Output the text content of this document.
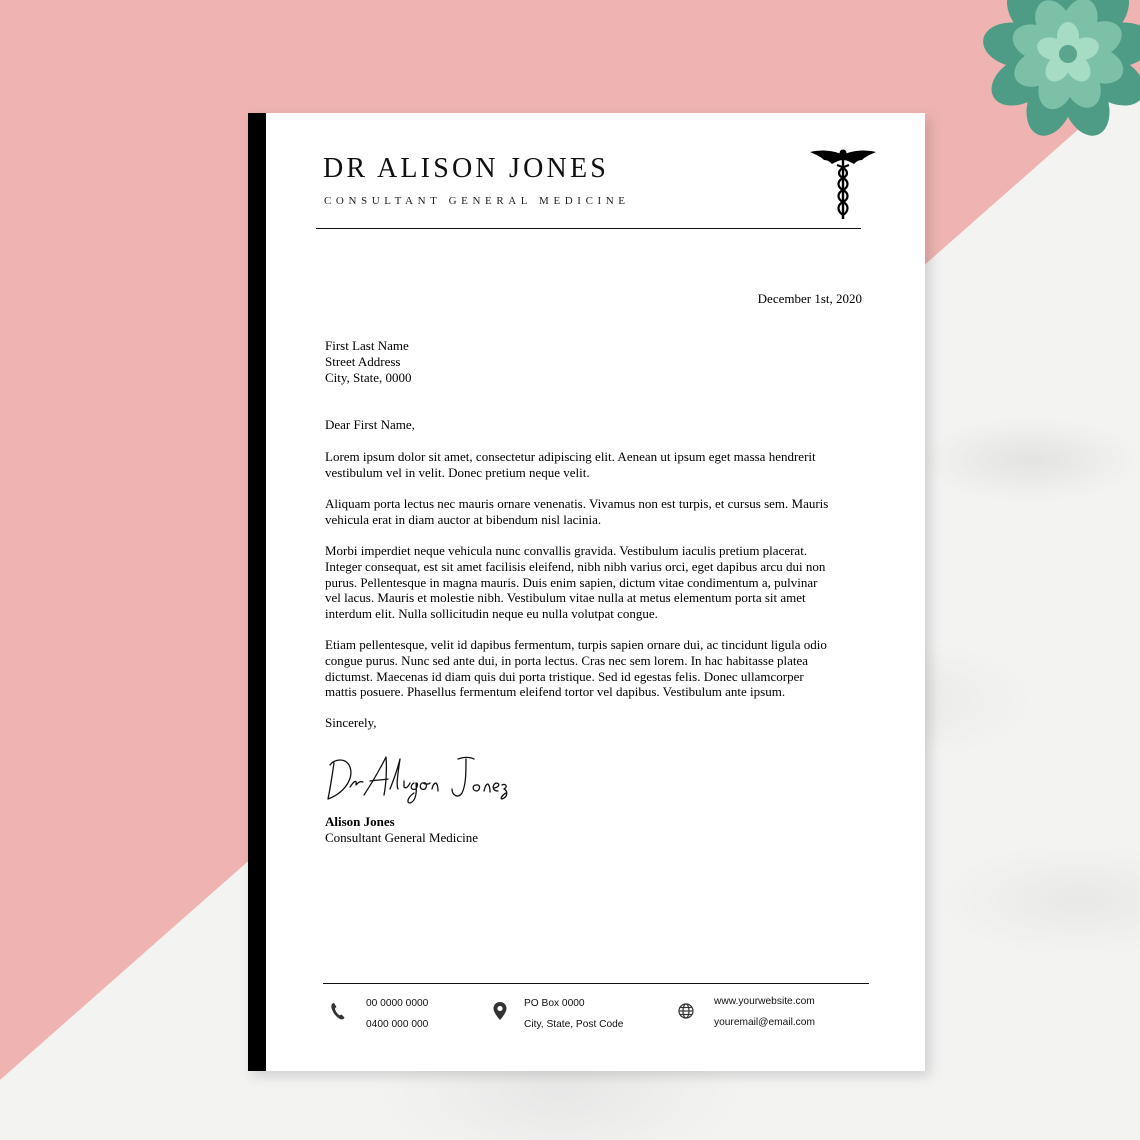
DR ALISON JONES
CONSULTANT GENERAL MEDICINE
December 1st, 2020
First Last Name
Street Address
City, State, 0000
Dear First Name,
Lorem ipsum dolor sit amet, consectetur adipiscing elit. Aenean ut ipsum eget massa hendrerit
vestibulum vel in velit. Donec pretium neque velit.
Aliquam porta lectus nec mauris ornare venenatis. Vivamus non est turpis, et cursus sem. Mauris
vehicula erat in diam auctor at bibendum nisl lacinia.
Morbi imperdiet neque vehicula nunc convallis gravida. Vestibulum iaculis pretium placerat.
Integer consequat, est sit amet facilisis eleifend, nibh nibh varius orci, eget dapibus arcu dui non
purus. Pellentesque in magna mauris. Duis enim sapien, dictum vitae condimentum a, pulvinar
vel lacus. Mauris et molestie nibh. Vestibulum vitae nulla at metus elementum porta sit amet
interdum elit. Nulla sollicitudin neque eu nulla volutpat congue.
Etiam pellentesque, velit id dapibus fermentum, turpis sapien ornare dui, ac tincidunt ligula odio
congue purus. Nunc sed ante dui, in porta lectus. Cras nec sem lorem. In hac habitasse platea
dictumst. Maecenas id diam quis dui porta tristique. Sed id egestas felis. Donec ullamcorper
mattis posuere. Phasellus fermentum eleifend tortor vel dapibus. Vestibulum ante ipsum.
Sincerely,
Alison Jones
Consultant General Medicine
00 0000 0000
0400 000 000
PO Box 0000
City, State, Post Code
www.yourwebsite.com
youremail@email.com
